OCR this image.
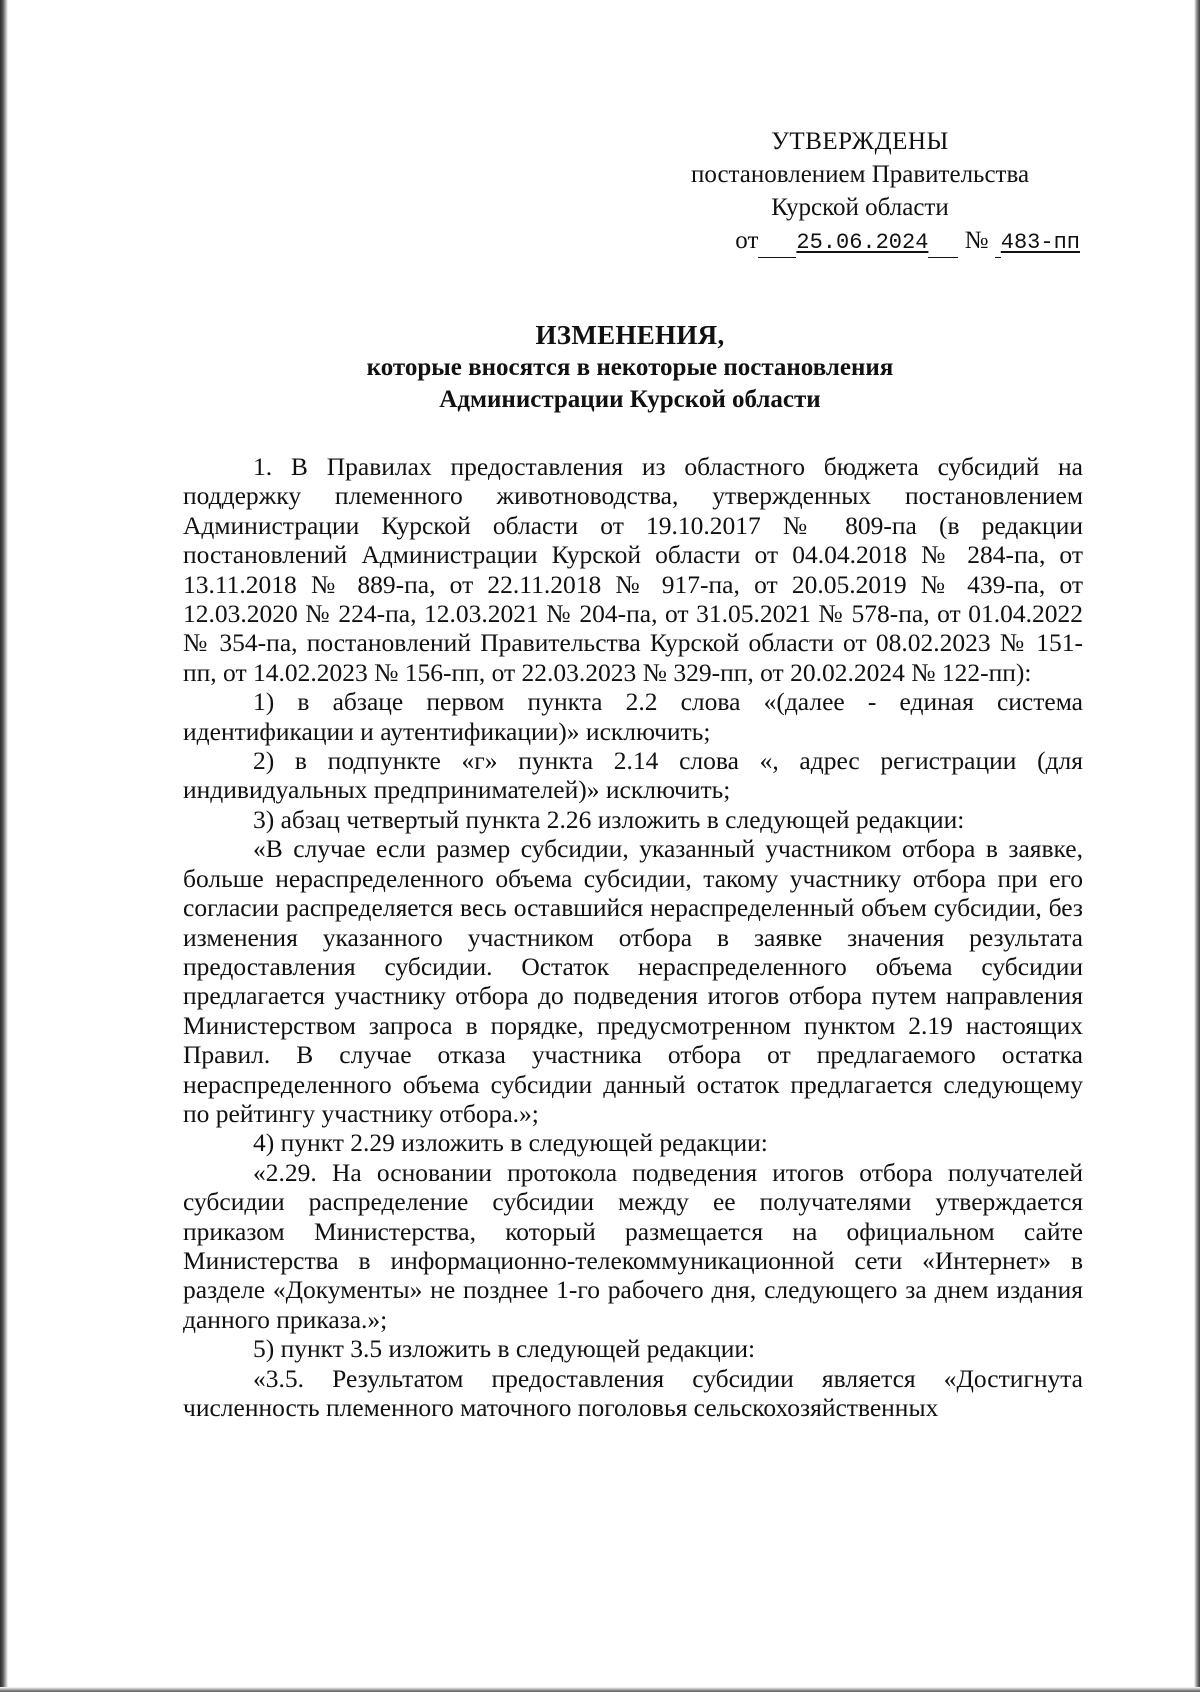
УТВЕРЖДЕНЫ
постановлением Правительства
Курской области
от 25.06.2024 № 483-пп
ИЗМЕНЕНИЯ,
которые вносятся в некоторые постановления
Администрации Курской области

1. В Правилах предоставления из областного бюджета субсидий на поддержку племенного животноводства, утвержденных постановлением Администрации Курской области от 19.10.2017 № 809-па (в редакции постановлений Администрации Курской области от 04.04.2018 № 284-па, от 13.11.2018 № 889-па, от 22.11.2018 № 917-па, от 20.05.2019 № 439-па, от 12.03.2020 № 224-па, 12.03.2021 № 204-па, от 31.05.2021 № 578-па, от 01.04.2022 № 354-па, постановлений Правительства Курской области от 08.02.2023 № 151-пп, от 14.02.2023 № 156-пп, от 22.03.2023 № 329-пп, от 20.02.2024 № 122-пп):

1) в абзаце первом пункта 2.2 слова «(далее - единая система идентификации и аутентификации)» исключить;

2) в подпункте «г» пункта 2.14 слова «, адрес регистрации (для индивидуальных предпринимателей)» исключить;

3) абзац четвертый пункта 2.26 изложить в следующей редакции:

«В случае если размер субсидии, указанный участником отбора в заявке, больше нераспределенного объема субсидии, такому участнику отбора при его согласии распределяется весь оставшийся нераспределенный объем субсидии, без изменения указанного участником отбора в заявке значения результата предоставления субсидии. Остаток нераспределенного объема субсидии предлагается участнику отбора до подведения итогов отбора путем направления Министерством запроса в порядке, предусмотренном пунктом 2.19 настоящих Правил. В случае отказа участника отбора от предлагаемого остатка нераспределенного объема субсидии данный остаток предлагается следующему по рейтингу участнику отбора.»;

4) пункт 2.29 изложить в следующей редакции:

«2.29. На основании протокола подведения итогов отбора получателей субсидии распределение субсидии между ее получателями утверждается приказом Министерства, который размещается на официальном сайте Министерства в информационно-телекоммуникационной сети «Интернет» в разделе «Документы» не позднее 1-го рабочего дня, следующего за днем издания данного приказа.»;

5) пункт 3.5 изложить в следующей редакции:

«3.5. Результатом предоставления субсидии является «Достигнута численность племенного маточного поголовья сельскохозяйственных
